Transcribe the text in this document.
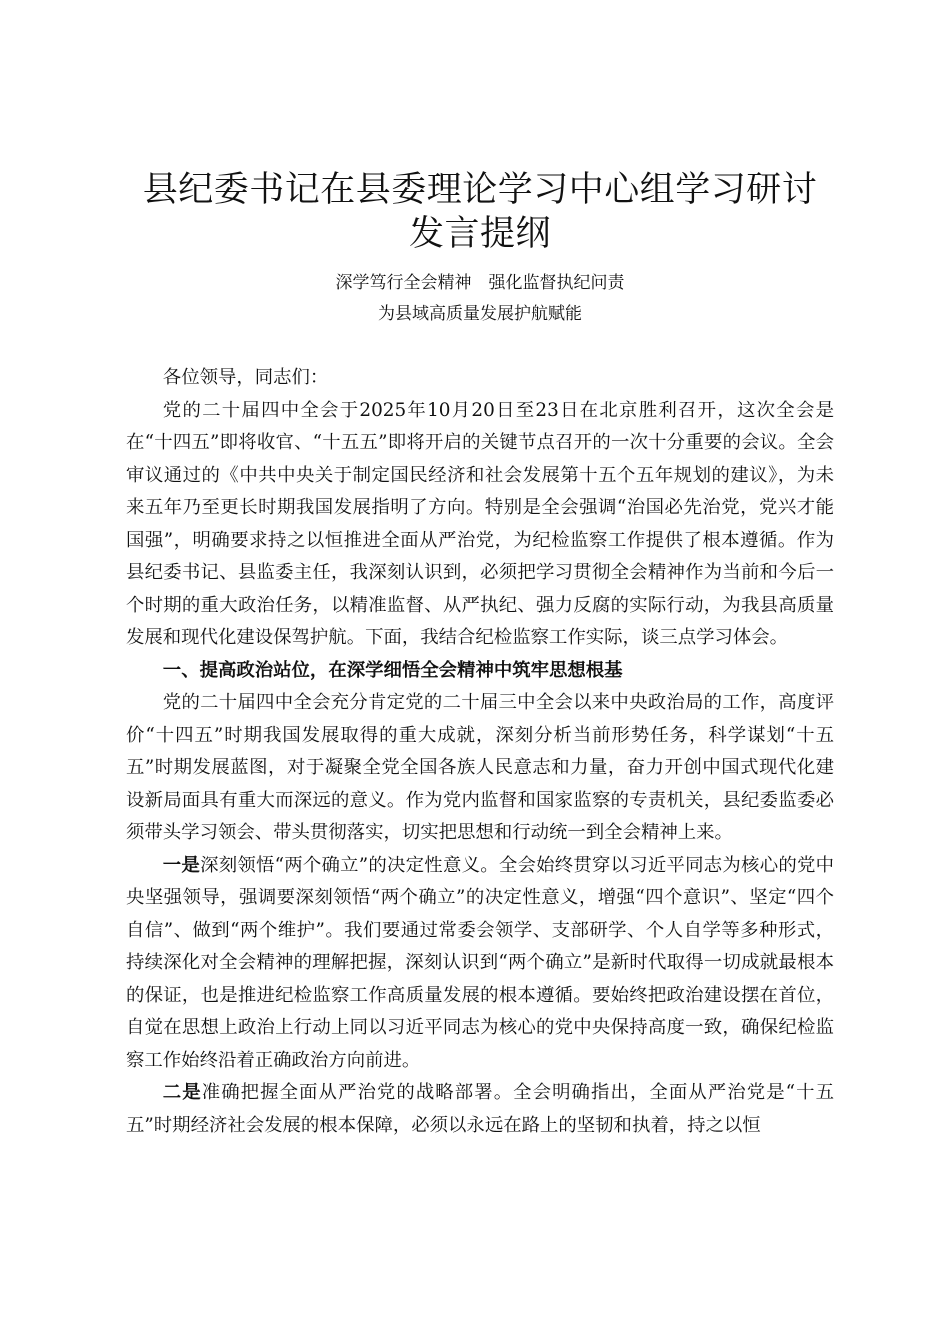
县纪委书记在县委理论学习中心组学习研讨发言提纲

深学笃行全会精神　强化监督执纪问责

为县域高质量发展护航赋能

各位领导，同志们：

党的二十届四中全会于2025年10月20日至23日在北京胜利召开，这次全会是在“十四五”即将收官、“十五五”即将开启的关键节点召开的一次十分重要的会议。全会审议通过的《中共中央关于制定国民经济和社会发展第十五个五年规划的建议》，为未来五年乃至更长时期我国发展指明了方向。特别是全会强调“治国必先治党，党兴才能国强”，明确要求持之以恒推进全面从严治党，为纪检监察工作提供了根本遵循。作为县纪委书记、县监委主任，我深刻认识到，必须把学习贯彻全会精神作为当前和今后一个时期的重大政治任务，以精准监督、从严执纪、强力反腐的实际行动，为我县高质量发展和现代化建设保驾护航。下面，我结合纪检监察工作实际，谈三点学习体会。

一、提高政治站位，在深学细悟全会精神中筑牢思想根基

党的二十届四中全会充分肯定党的二十届三中全会以来中央政治局的工作，高度评价“十四五”时期我国发展取得的重大成就，深刻分析当前形势任务，科学谋划“十五五”时期发展蓝图，对于凝聚全党全国各族人民意志和力量，奋力开创中国式现代化建设新局面具有重大而深远的意义。作为党内监督和国家监察的专责机关，县纪委监委必须带头学习领会、带头贯彻落实，切实把思想和行动统一到全会精神上来。

一是深刻领悟“两个确立”的决定性意义。全会始终贯穿以习近平同志为核心的党中央坚强领导，强调要深刻领悟“两个确立”的决定性意义，增强“四个意识”、坚定“四个自信”、做到“两个维护”。我们要通过常委会领学、支部研学、个人自学等多种形式，持续深化对全会精神的理解把握，深刻认识到“两个确立”是新时代取得一切成就最根本的保证，也是推进纪检监察工作高质量发展的根本遵循。要始终把政治建设摆在首位，自觉在思想上政治上行动上同以习近平同志为核心的党中央保持高度一致，确保纪检监察工作始终沿着正确政治方向前进。

二是准确把握全面从严治党的战略部署。全会明确指出，全面从严治党是“十五五”时期经济社会发展的根本保障，必须以永远在路上的坚韧和执着，持之以恒
